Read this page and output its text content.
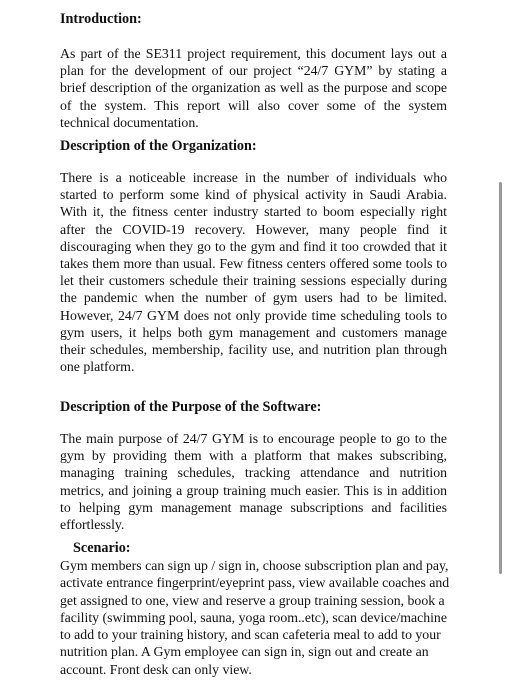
Introduction:

As part of the SE311 project requirement, this document lays out a plan for the development of our project “24/7 GYM” by stating a brief description of the organization as well as the purpose and scope of the system. This report will also cover some of the system technical documentation.

Description of the Organization:

There is a noticeable increase in the number of individuals who started to perform some kind of physical activity in Saudi Arabia. With it, the fitness center industry started to boom especially right after the COVID-19 recovery. However, many people find it discouraging when they go to the gym and find it too crowded that it takes them more than usual. Few fitness centers offered some tools to let their customers schedule their training sessions especially during the pandemic when the number of gym users had to be limited. However, 24/7 GYM does not only provide time scheduling tools to gym users, it helps both gym management and customers manage their schedules, membership, facility use, and nutrition plan through one platform.

Description of the Purpose of the Software:

The main purpose of 24/7 GYM is to encourage people to go to the gym by providing them with a platform that makes subscribing, managing training schedules, tracking attendance and nutrition metrics, and joining a group training much easier. This is in addition to helping gym management manage subscriptions and facilities effortlessly.

Scenario:

Gym members can sign up / sign in, choose subscription plan and pay, activate entrance fingerprint/eyeprint pass, view available coaches and get assigned to one, view and reserve a group training session, book a facility (swimming pool, sauna, yoga room..etc), scan device/machine to add to your training history, and scan cafeteria meal to add to your nutrition plan. A Gym employee can sign in, sign out and create an account. Front desk can only view.
